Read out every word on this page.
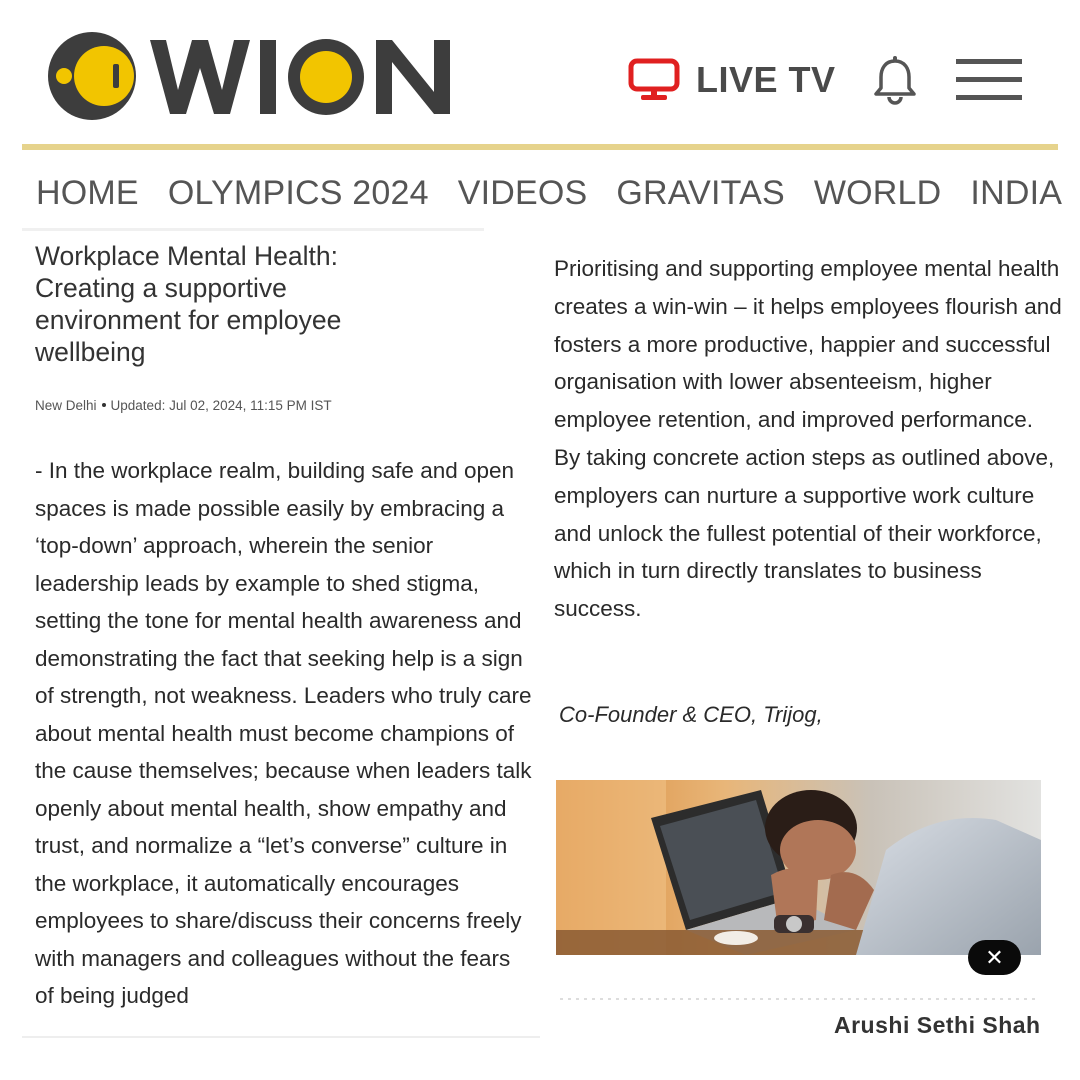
LIVE TV
HOME OLYMPICS 2024 VIDEOS GRAVITAS WORLD INDIA
Workplace Mental Health: Creating a supportive environment for employee wellbeing
New Delhi Updated: Jul 02, 2024, 11:15 PM IST

- In the workplace realm, building safe and open spaces is made possible easily by embracing a ‘top-down’ approach, wherein the senior leadership leads by example to shed stigma, setting the tone for mental health awareness and demonstrating the fact that seeking help is a sign of strength, not weakness. Leaders who truly care about mental health must become champions of the cause themselves; because when leaders talk openly about mental health, show empathy and trust, and normalize a “let’s converse” culture in the workplace, it automatically encourages employees to share/discuss their concerns freely with managers and colleagues without the fears of being judged

Prioritising and supporting employee mental health creates a win-win – it helps employees flourish and fosters a more productive, happier and successful organisation with lower absenteeism, higher employee retention, and improved performance. By taking concrete action steps as outlined above, employers can nurture a supportive work culture and unlock the fullest potential of their workforce, which in turn directly translates to business success.

Co-Founder & CEO, Trijog,
✕
Arushi Sethi Shah
